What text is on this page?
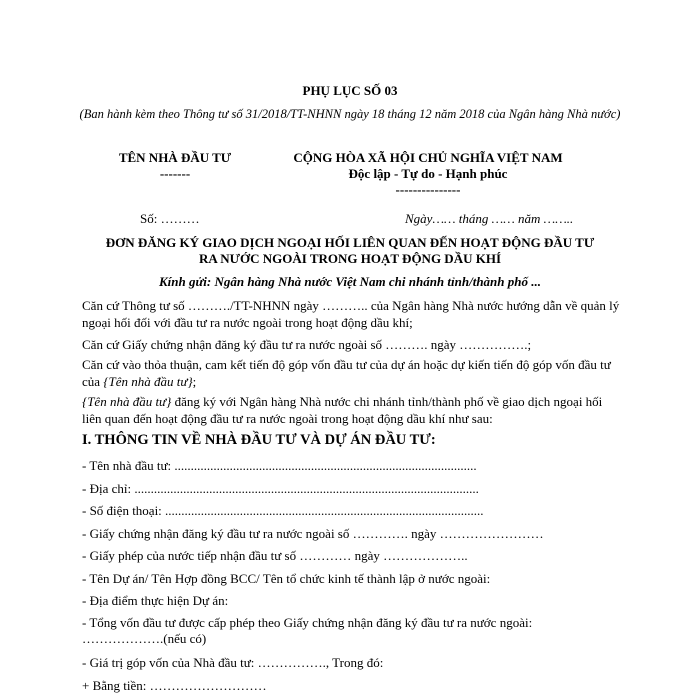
PHỤ LỤC SỐ 03
(Ban hành kèm theo Thông tư số 31/2018/TT-NHNN ngày 18 tháng 12 năm 2018 của Ngân hàng Nhà nước)
TÊN NHÀ ĐẦU TƯ
-------
CỘNG HÒA XÃ HỘI CHỦ NGHĨA VIỆT NAM
Độc lập - Tự do - Hạnh phúc
---------------
Số: ………	Ngày…… tháng …… năm ……..
ĐƠN ĐĂNG KÝ GIAO DỊCH NGOẠI HỐI LIÊN QUAN ĐẾN HOẠT ĐỘNG ĐẦU TƯ
RA NƯỚC NGOÀI TRONG HOẠT ĐỘNG DẦU KHÍ
Kính gửi: Ngân hàng Nhà nước Việt Nam chi nhánh tỉnh/thành phố ...
Căn cứ Thông tư số ………./TT-NHNN ngày ……….. của Ngân hàng Nhà nước hướng dẫn về quản lý ngoại hối đối với đầu tư ra nước ngoài trong hoạt động dầu khí;
Căn cứ Giấy chứng nhận đăng ký đầu tư ra nước ngoài số ………. ngày …………….;
Căn cứ vào thỏa thuận, cam kết tiến độ góp vốn đầu tư của dự án hoặc dự kiến tiến độ góp vốn đầu tư của {Tên nhà đầu tư};
{Tên nhà đầu tư} đăng ký với Ngân hàng Nhà nước chi nhánh tỉnh/thành phố về giao dịch ngoại hối liên quan đến hoạt động đầu tư ra nước ngoài trong hoạt động dầu khí như sau:
I. THÔNG TIN VỀ NHÀ ĐẦU TƯ VÀ DỰ ÁN ĐẦU TƯ:
- Tên nhà đầu tư: .............................................................................................
- Địa chỉ: ..........................................................................................................
- Số điện thoại: ..................................................................................................
- Giấy chứng nhận đăng ký đầu tư ra nước ngoài số …………. ngày ……………………
- Giấy phép của nước tiếp nhận đầu tư số ………… ngày ………………..
- Tên Dự án/ Tên Hợp đồng BCC/ Tên tổ chức kinh tế thành lập ở nước ngoài:
- Địa điểm thực hiện Dự án:
- Tổng vốn đầu tư được cấp phép theo Giấy chứng nhận đăng ký đầu tư ra nước ngoài:
……………….(nếu có)
- Giá trị góp vốn của Nhà đầu tư: ……………., Trong đó:
+ Bằng tiền: ………………………
